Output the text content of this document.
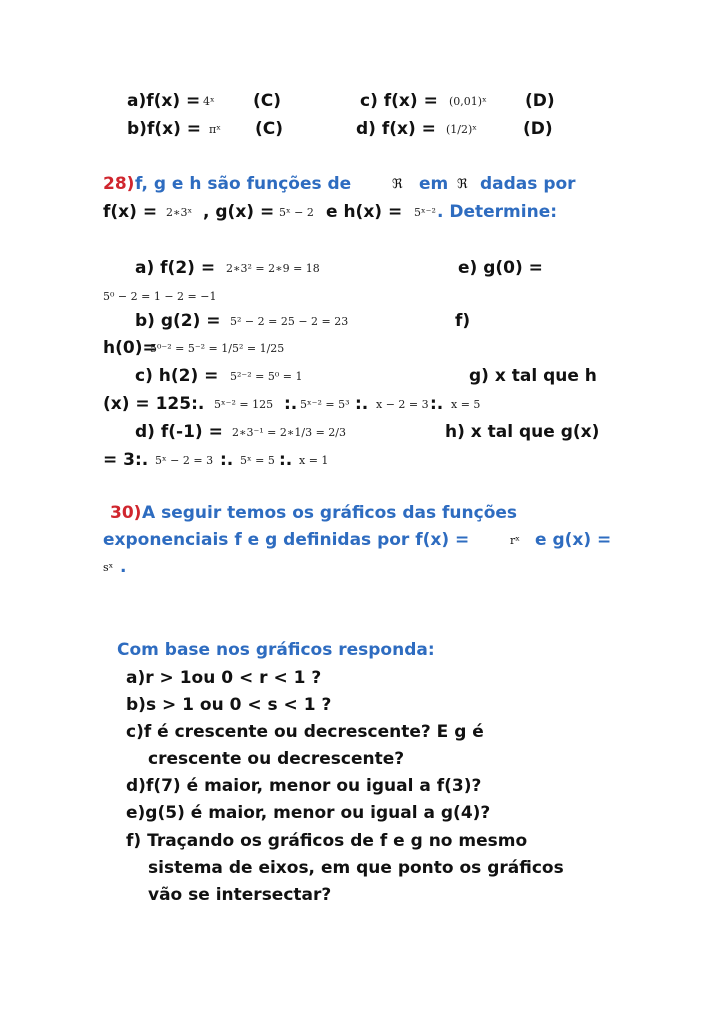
a)f(x) = 4ˣ (C)	c) f(x) = (0,01)ˣ (D)
b)f(x) = πˣ (C)	d) f(x) = (1/2)ˣ	(D)
28) f, g e h são funções de	ℜ em ℜ dadas por
f(x) = 2∗3ˣ , g(x) = 5ˣ − 2 e h(x) = 5ˣ⁻² . Determine:
a) f(2) = 2∗3² = 2∗9 = 18	e) g(0) =
5⁰ − 2 = 1 − 2 = −1
b) g(2) = 5² − 2 = 25 − 2 = 23	f)
h(0)=
5⁰⁻² = 5⁻² = 1/5² = 1/25
c) h(2) = 5²⁻² = 5⁰ = 1	g) x tal que h
(x) = 125:. 5ˣ⁻² = 125 :. 5ˣ⁻² = 5³ :. x − 2 = 3 :. x = 5
d) f(-1) = 2∗3⁻¹ = 2∗1/3 = 2/3	h) x tal que g(x)
= 3:. 5ˣ − 2 = 3 :. 5ˣ = 5 :. x = 1
30) A seguir temos os gráficos das funções
exponenciais f e g definidas por f(x) =	rˣ e g(x) =
sˣ .
Com base nos gráficos responda:
a)r > 1ou 0 < r < 1 ?
b)s > 1 ou 0 < s < 1 ?
c)f é crescente ou decrescente? E g é
crescente ou decrescente?
d)f(7) é maior, menor ou igual a f(3)?
e)g(5) é maior, menor ou igual a g(4)?
f) Traçando os gráficos de f e g no mesmo
sistema de eixos, em que ponto os gráficos
vão se intersectar?
